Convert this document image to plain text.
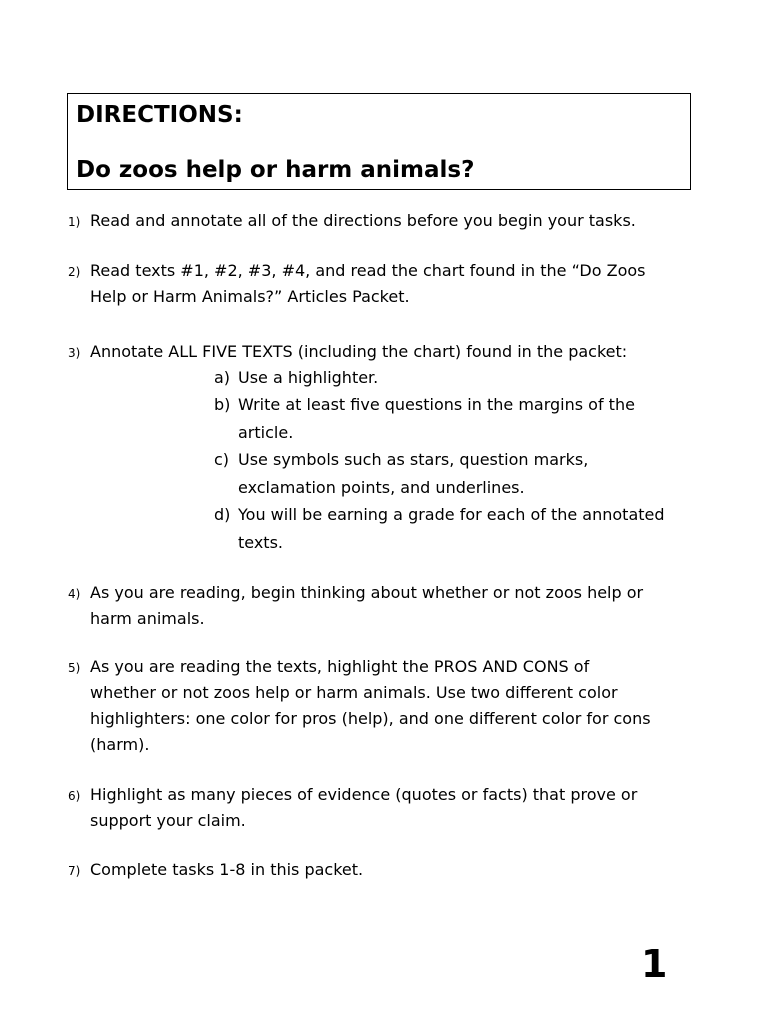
DIRECTIONS:
Do zoos help or harm animals?
1) Read and annotate all of the directions before you begin your tasks.
2) Read texts #1, #2, #3, #4, and read the chart found in the “Do Zoos
Help or Harm Animals?” Articles Packet.
3) Annotate ALL FIVE TEXTS (including the chart) found in the packet:
a) Use a highlighter.
b) Write at least five questions in the margins of the
article.
c) Use symbols such as stars, question marks,
exclamation points, and underlines.
d) You will be earning a grade for each of the annotated
texts.
4) As you are reading, begin thinking about whether or not zoos help or
harm animals.
5) As you are reading the texts, highlight the PROS AND CONS of
whether or not zoos help or harm animals. Use two different color
highlighters: one color for pros (help), and one different color for cons
(harm).
6) Highlight as many pieces of evidence (quotes or facts) that prove or
support your claim.
7) Complete tasks 1-8 in this packet.
1
